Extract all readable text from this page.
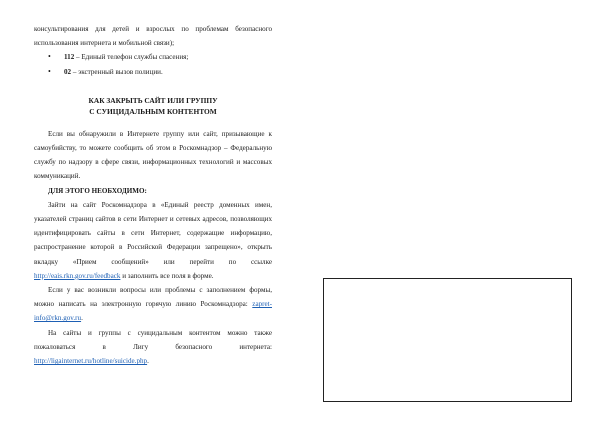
консультирования для детей и взрослых по проблемам безопасного

использования интернета и мобильной связи);

• 112 – Единый телефон службы спасения;
• 02 – экстренный вызов полиции.
КАК ЗАКРЫТЬ САЙТ ИЛИ ГРУППУ
С СУИЦИДАЛЬНЫМ КОНТЕНТОМ

Если вы обнаружили в Интернете группу или сайт, призывающие к самоубийству, то можете сообщить об этом в Роскомнадзор – Федеральную службу по надзору в сфере связи, информационных технологий и массовых коммуникаций.

ДЛЯ ЭТОГО НЕОБХОДИМО:

Зайти на сайт Роскомнадзора в «Единый реестр доменных имен, указателей страниц сайтов в сети Интернет и сетевых адресов, позволяющих идентифицировать сайты в сети Интернет, содержащие информацию, распространение которой в Российской Федерации запрещено», открыть вкладку «Прием сообщений» или перейти по ссылке http://eais.rkn.gov.ru/feedback и заполнить все поля в форме.

Если у вас возникли вопросы или проблемы с заполнением формы, можно написать на электронную горячую линию Роскомнадзора: zapret-info@rkn.gov.ru.

На сайты и группы с суицидальным контентом можно также пожаловаться в Лигу безопасного интернета:

http://ligainternet.ru/hotline/suicide.php.
